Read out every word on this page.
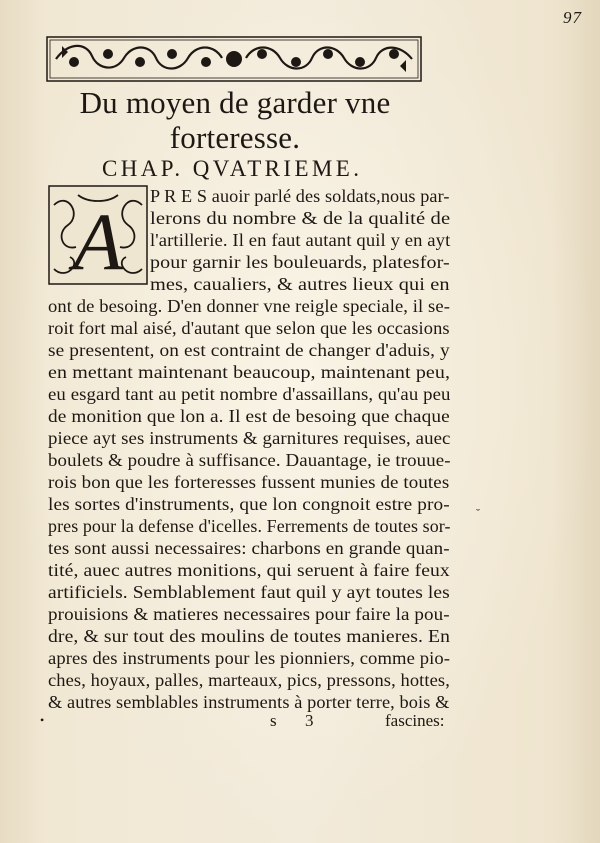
97
Du moyen de garder vne
forteresse.
CHAP. QVATRIEME.
A P R E S auoir parlé des soldats,nous par-
lerons du nombre & de la qualité de
l'artillerie. Il en faut autant quil y en ayt
pour garnir les bouleuards, platesfor-
mes, caualiers, & autres lieux qui en
ont de besoing. D'en donner vne reigle speciale, il se-
roit fort mal aisé, d'autant que selon que les occasions
se presentent, on est contraint de changer d'aduis, y
en mettant maintenant beaucoup, maintenant peu,
eu esgard tant au petit nombre d'assaillans, qu'au peu
de monition que lon a. Il est de besoing que chaque
piece ayt ses instruments & garnitures requises, auec
boulets & poudre à suffisance. Dauantage, ie trouue-
rois bon que les forteresses fussent munies de toutes
les sortes d'instruments, que lon congnoit estre pro-
pres pour la defense d'icelles. Ferrements de toutes sor-
tes sont aussi necessaires: charbons en grande quan-
tité, auec autres monitions, qui seruent à faire feux
artificiels. Semblablement faut quil y ayt toutes les
prouisions & matieres necessaires pour faire la pou-
dre, & sur tout des moulins de toutes manieres. En
apres des instruments pour les pionniers, comme pio-
ches, hoyaux, palles, marteaux, pics, pressons, hottes,
& autres semblables instruments à porter terre, bois &
s 3	fascines:
•
˘
